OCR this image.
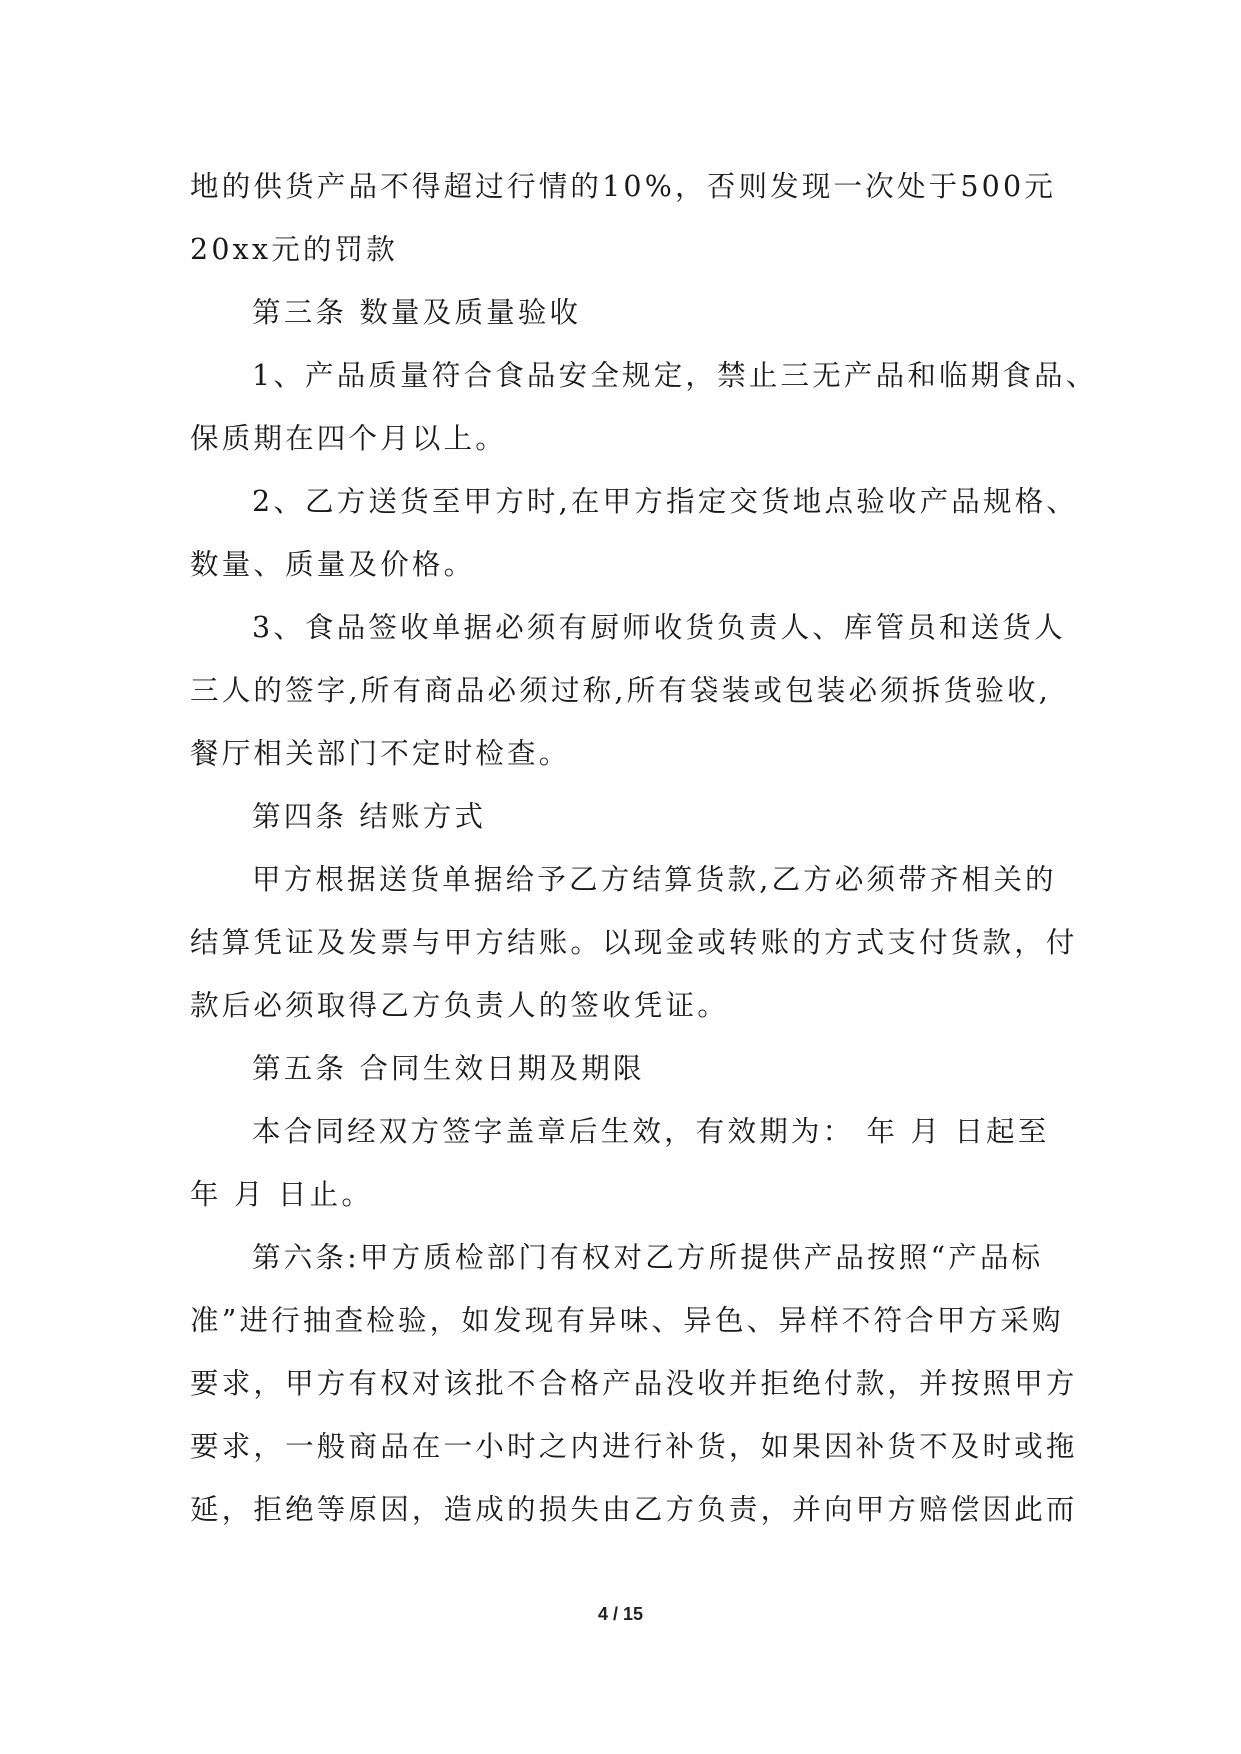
地的供货产品不得超过行情的10%，否则发现一次处于500元
20xx元的罚款
第三条 数量及质量验收
1、产品质量符合食品安全规定，禁止三无产品和临期食品、
保质期在四个月以上。
2、乙方送货至甲方时,在甲方指定交货地点验收产品规格、
数量、质量及价格。
3、食品签收单据必须有厨师收货负责人、库管员和送货人
三人的签字,所有商品必须过称,所有袋装或包装必须拆货验收,
餐厅相关部门不定时检查。
第四条 结账方式
甲方根据送货单据给予乙方结算货款,乙方必须带齐相关的
结算凭证及发票与甲方结账。以现金或转账的方式支付货款，付
款后必须取得乙方负责人的签收凭证。
第五条 合同生效日期及期限
本合同经双方签字盖章后生效，有效期为： 年 月 日起至
年 月 日止。
第六条:甲方质检部门有权对乙方所提供产品按照“产品标
准”进行抽查检验，如发现有异味、异色、异样不符合甲方采购
要求，甲方有权对该批不合格产品没收并拒绝付款，并按照甲方
要求，一般商品在一小时之内进行补货，如果因补货不及时或拖
延，拒绝等原因，造成的损失由乙方负责，并向甲方赔偿因此而
4 / 15
